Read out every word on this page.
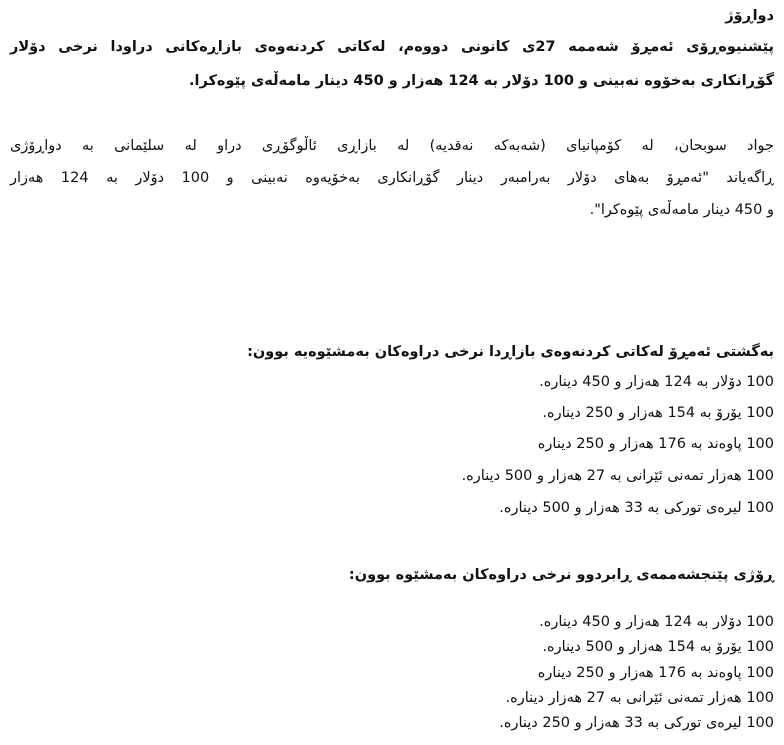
دواڕۆژ
پێشنیوەڕۆی ئەمڕۆ شەممە 27ی کانونی دووەم، لەکاتی کردنەوەی بازاڕەکانی دراودا نرخی دۆلار
گۆڕانکاری بەخۆوە نەبینی و 100 دۆلار بە 124 هەزار و 450 دینار مامەڵەی پێوەکرا.
جواد سوبحان، لە کۆمپانیای (شەبەکە نەقدیە) لە بازاڕی ئاڵوگۆڕی دراو لە سلێمانی بە دواڕۆژی
ڕاگەیاند "ئەمڕۆ بەهای دۆلار بەرامبەر دینار گۆڕانکاری بەخۆیەوە نەبینی و 100 دۆلار بە 124 هەزار
و 450 دینار مامەڵەی پێوەکرا".
بەگشتی ئەمڕۆ لەکاتی کردنەوەی بازاڕدا نرخی دراوەکان بەمشێوەیە بوون:
100 دۆلار بە 124 هەزار و 450 دینارە.
100 یۆرۆ بە 154 هەزار و 250 دینارە.
100 پاوەند بە 176 هەزار و 250 دینارە
100 هەزار تمەنی ئێرانی بە 27 هەزار و 500 دینارە.
100 لیرەی تورکی بە 33 هەزار و 500 دینارە.
ڕۆژی پێنجشەممەی ڕابردوو نرخی دراوەکان بەمشێوە بوون:
100 دۆلار بە 124 هەزار و 450 دینارە.
100 یۆرۆ بە 154 هەزار و 500 دینارە.
100 پاوەند بە 176 هەزار و 250 دینارە
100 هەزار تمەنی ئێرانی بە 27 هەزار دینارە.
100 لیرەی تورکی بە 33 هەزار و 250 دینارە.
